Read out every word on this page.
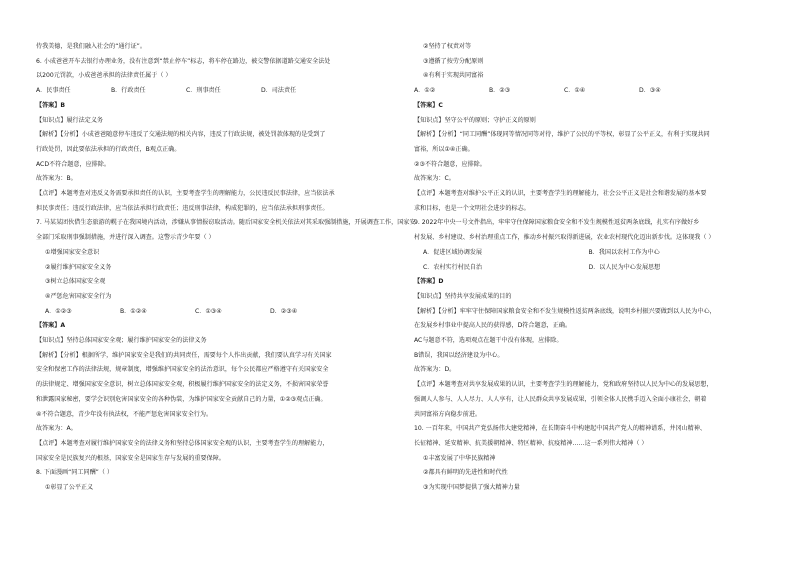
侍我美德，是我们融入社会的“通行证”。
6. 小成爸爸开车去银行办理业务，没有注意到“禁止停车”标志，将车停在路边，被交警依据道路交通安全法处
以200元罚款，小成爸爸承担的法律责任属于（ ）
A．民事责任	B．行政责任	C．刑事责任	D．司法责任
【答案】B
【知识点】履行法定义务
【解析】【分析】小成爸爸随意停车违反了交通法规的相关内容，违反了行政法规，被处罚款体现的是受到了
行政处罚，因此要依法承担的行政责任，B观点正确。
ACD不符合题意，应排除。
故答案为：B。
【点评】本题考查对违反义务需要承担责任的认识，主要考查学生的理解能力，公民违反民事法律，应当依法承
担民事责任；违反行政法律，应当依法承担行政责任；违反刑事法律，构成犯罪的，应当依法承担刑事责任。
7. 马某某团伙借生态旅游的幌子在我国境内活动，涉嫌从事情报窃取活动。随后国家安全机关依法对其采取强制措施，开展调查工作，国家安
全部门采取刑事强制措施，并进行深入调查。这警示青少年要（ ）
①增强国家安全意识
②履行维护国家安全义务
③树立总体国家安全观
④严惩危害国家安全行为
A．①②③	B．①②④	C．①③④	D．②③④
【答案】A
【知识点】坚持总体国家安全观；履行维护国家安全的法律义务
【解析】【分析】根据所学，维护国家安全是我们的共同责任，需要每个人作出贡献，我们要认真学习有关国家
安全和保密工作的法律法规，规章制度，增强维护国家安全的法治意识，每个公民都应严格遵守有关国家安全
的法律规定、增强国家安全意识，树立总体国家安全观，积极履行维护国家安全的法定义务，不损害国家荣誉
和泄露国家秘密，要学会识别危害国家安全的各种伪装，为维护国家安全贡献自己的力量，①②③观点正确。
④不符合题意，青少年没有执法权，不能严惩危害国家安全行为。
故答案为：A。
【点评】本题考查对履行维护国家安全的法律义务和坚持总体国家安全观的认识，主要考查学生的理解能力，
国家安全是民族复兴的根基，国家安全是国家生存与发展的重要保障。
8. 下面漫画“同工同酬”（ ）
①彰显了公平正义
②坚持了权责对等
③遵循了按劳分配原则
④有利于实现共同富裕
A．①②	B．②③	C．①④	D．③④
【答案】C
【知识点】坚守公平的原则；守护正义的原则
【解析】【分析】“同工同酬”体现同等情况同等对待，维护了公民的平等权，彰显了公平正义，有利于实现共同
富裕，所以①④正确。
②③不符合题意，应排除。
故答案为：C。
【点评】本题考查对维护公平正义的认识，主要考查学生的理解能力，社会公平正义是社会和谐发展的基本要
求和目标，也是一个文明社会进步的标志。
9. 2022年中央一号文件指出，牢牢守住保障国家粮食安全和不发生规模性返贫两条底线，扎实有序做好乡
村发展、乡村建设、乡村治理重点工作，推动乡村振兴取得新进展，农业农村现代化迈出新步伐。这体现我（ ）
A．促进区域协调发展	B．我国以农村工作为中心
C．农村实行村民自治	D．以人民为中心发展思想
【答案】D
【知识点】坚持共享发展成果的目的
【解析】【分析】牢牢守住保障国家粮食安全和不发生规模性返贫两条底线，说明乡村振兴要做到以人民为中心，
在发展乡村事业中提高人民的获得感，D符合题意，正确。
AC与题意不符，选项观点在题干中没有体现，应排除。
B错误，我国以经济建设为中心。
故答案为：D。
【点评】本题考查对共享发展成果的认识，主要考查学生的理解能力，党和政府坚持以人民为中心的发展思想，
强调人人参与、人人尽力、人人享有，让人民群众共享发展成果，引领全体人民携手迈入全面小康社会，朝着
共同富裕方向稳步前进。
10. 一百年来，中国共产党弘扬伟大建党精神，在长期奋斗中构建起中国共产党人的精神谱系，井冈山精神、
长征精神、延安精神、抗美援朝精神、特区精神、抗疫精神……这一系列伟大精神（ ）
①丰富发展了中华民族精神
②都具有鲜明的先进性和时代性
③为实现中国梦提供了强大精神力量
